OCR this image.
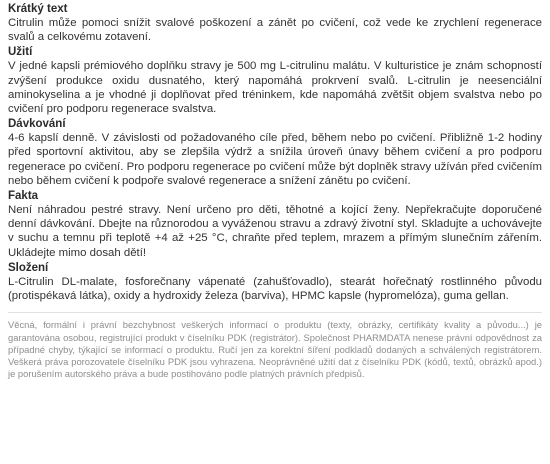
Krátký text

Citrulin může pomoci snížit svalové poškození a zánět po cvičení, což vede ke zrychlení regenerace svalů a celkovému zotavení.

Užití

V jedné kapsli prémiového doplňku stravy je 500 mg L-citrulinu malátu. V kulturistice je znám schopností zvýšení produkce oxidu dusnatého, který napomáhá prokrvení svalů. L-citrulin je neesenciální aminokyselina a je vhodné ji doplňovat před tréninkem, kde napomáhá zvětšit objem svalstva nebo po cvičení pro podporu regenerace svalstva.

Dávkování

4-6 kapslí denně. V závislosti od požadovaného cíle před, během nebo po cvičení. Přibližně 1-2 hodiny před sportovní aktivitou, aby se zlepšila výdrž a snížila úroveň únavy během cvičení a pro podporu regenerace po cvičení. Pro podporu regenerace po cvičení může být doplněk stravy užíván před cvičením nebo během cvičení k podpoře svalové regenerace a snížení zánětu po cvičení.

Fakta

Není náhradou pestré stravy. Není určeno pro děti, těhotné a kojící ženy. Nepřekračujte doporučené denní dávkování. Dbejte na různorodou a vyváženou stravu a zdravý životní styl. Skladujte a uchovávejte v suchu a temnu při teplotě +4 až +25 °C, chraňte před teplem, mrazem a přímým slunečním zářením. Ukládejte mimo dosah dětí!

Složení

L-Citrulin DL-malate, fosforečnany vápenaté (zahušťovadlo), stearát hořečnatý rostlinného původu (protispékavá látka), oxidy a hydroxidy železa (barviva), HPMC kapsle (hypromelóza), guma gellan.

Věcná, formální i právní bezchybnost veškerých informací o produktu (texty, obrázky, certifikáty kvality a původu...) je garantována osobou, registrující produkt v číselníku PDK (registrátor). Společnost PHARMDATA nenese právní odpovědnost za případné chyby, týkající se informací o produktu. Ručí jen za korektní šíření podkladů dodaných a schválených registrátorem. Veškerá práva porozovatele číselníku PDK jsou vyhrazena. Neoprávněné užití dat z číselníku PDK (kódů, textů, obrázků apod.) je porušením autorského práva a bude postihováno podle platných právních předpisů.
